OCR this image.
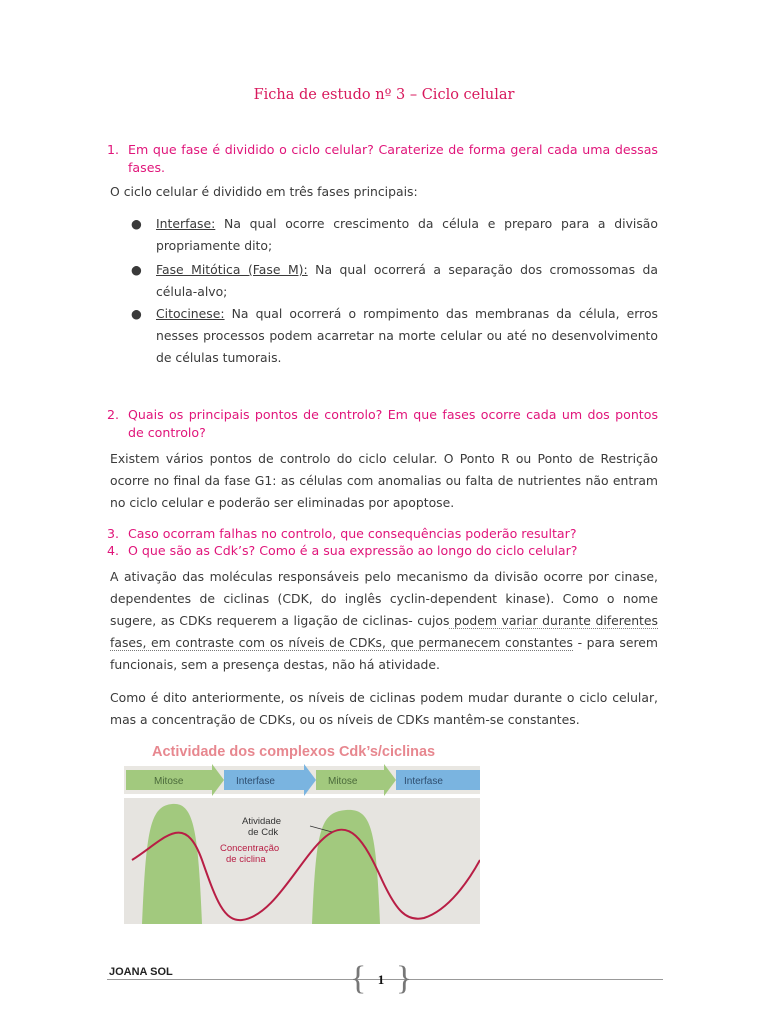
Ficha de estudo nº 3 – Ciclo celular
1. Em que fase é dividido o ciclo celular? Caraterize de forma geral cada uma dessas fases.
O ciclo celular é dividido em três fases principais:
● Interfase: Na qual ocorre crescimento da célula e preparo para a divisão propriamente dito;
● Fase Mitótica (Fase M): Na qual ocorrerá a separação dos cromossomas da célula-alvo;
● Citocinese: Na qual ocorrerá o rompimento das membranas da célula, erros nesses processos podem acarretar na morte celular ou até no desenvolvimento de células tumorais.
2. Quais os principais pontos de controlo? Em que fases ocorre cada um dos pontos de controlo?
Existem vários pontos de controlo do ciclo celular. O Ponto R ou Ponto de Restrição ocorre no final da fase G1: as células com anomalias ou falta de nutrientes não entram no ciclo celular e poderão ser eliminadas por apoptose.
3. Caso ocorram falhas no controlo, que consequências poderão resultar?
4. O que são as Cdk’s? Como é a sua expressão ao longo do ciclo celular?
A ativação das moléculas responsáveis pelo mecanismo da divisão ocorre por cinase, dependentes de ciclinas (CDK, do inglês cyclin-dependent kinase). Como o nome sugere, as CDKs requerem a ligação de ciclinas- cujos podem variar durante diferentes fases, em contraste com os níveis de CDKs, que permanecem constantes - para serem funcionais, sem a presença destas, não há atividade.
Como é dito anteriormente, os níveis de ciclinas podem mudar durante o ciclo celular, mas a concentração de CDKs, ou os níveis de CDKs mantêm-se constantes.
Actividade dos complexos Cdk’s/ciclinas
Mitose	Interfase	Mitose	Interfase
Atividade
de Cdk
Concentração
de ciclina
JOANA SOL	{ 1 }
